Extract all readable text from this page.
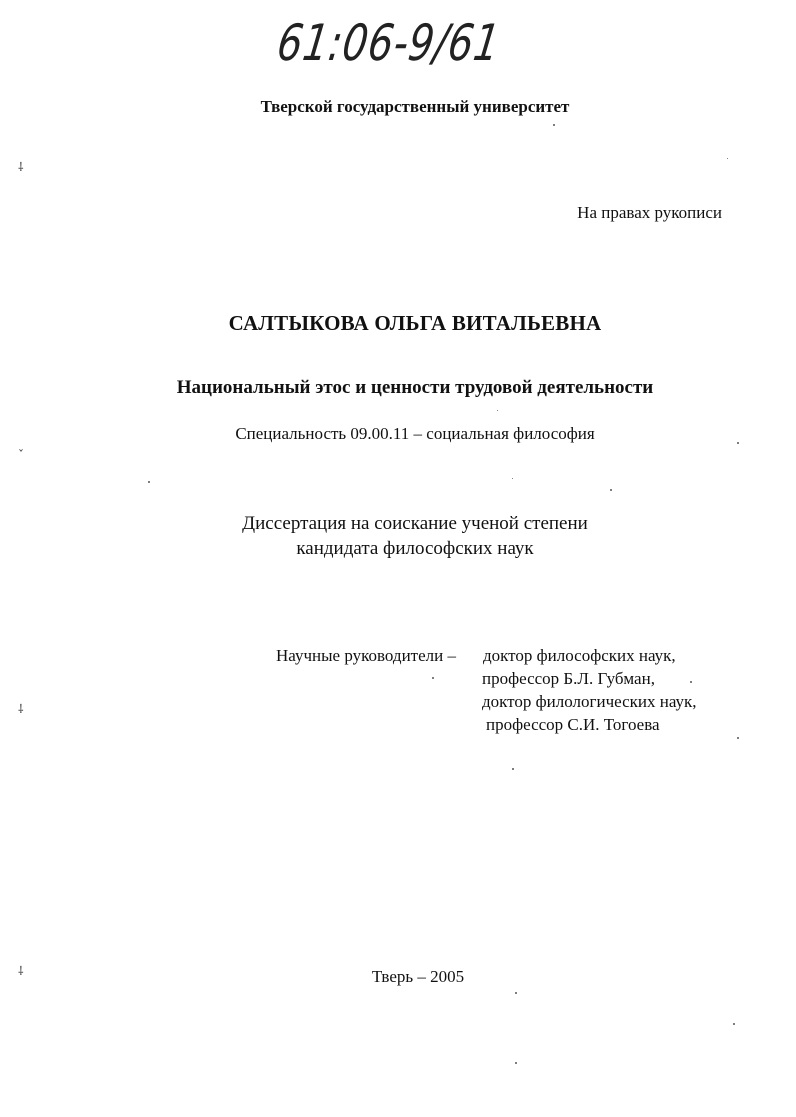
61:06-9/61
Тверской государственный университет
На правах рукописи
САЛТЫКОВА ОЛЬГА ВИТАЛЬЕВНА
Национальный этос и ценности трудовой деятельности
Специальность 09.00.11 – социальная философия
Диссертация на соискание ученой степени
кандидата философских наук
Научные руководители – доктор философских наук,
профессор Б.Л. Губман,
доктор филологических наук,
профессор С.И. Тогоева
Тверь – 2005
⸸
ˇ
⸸
⸸
